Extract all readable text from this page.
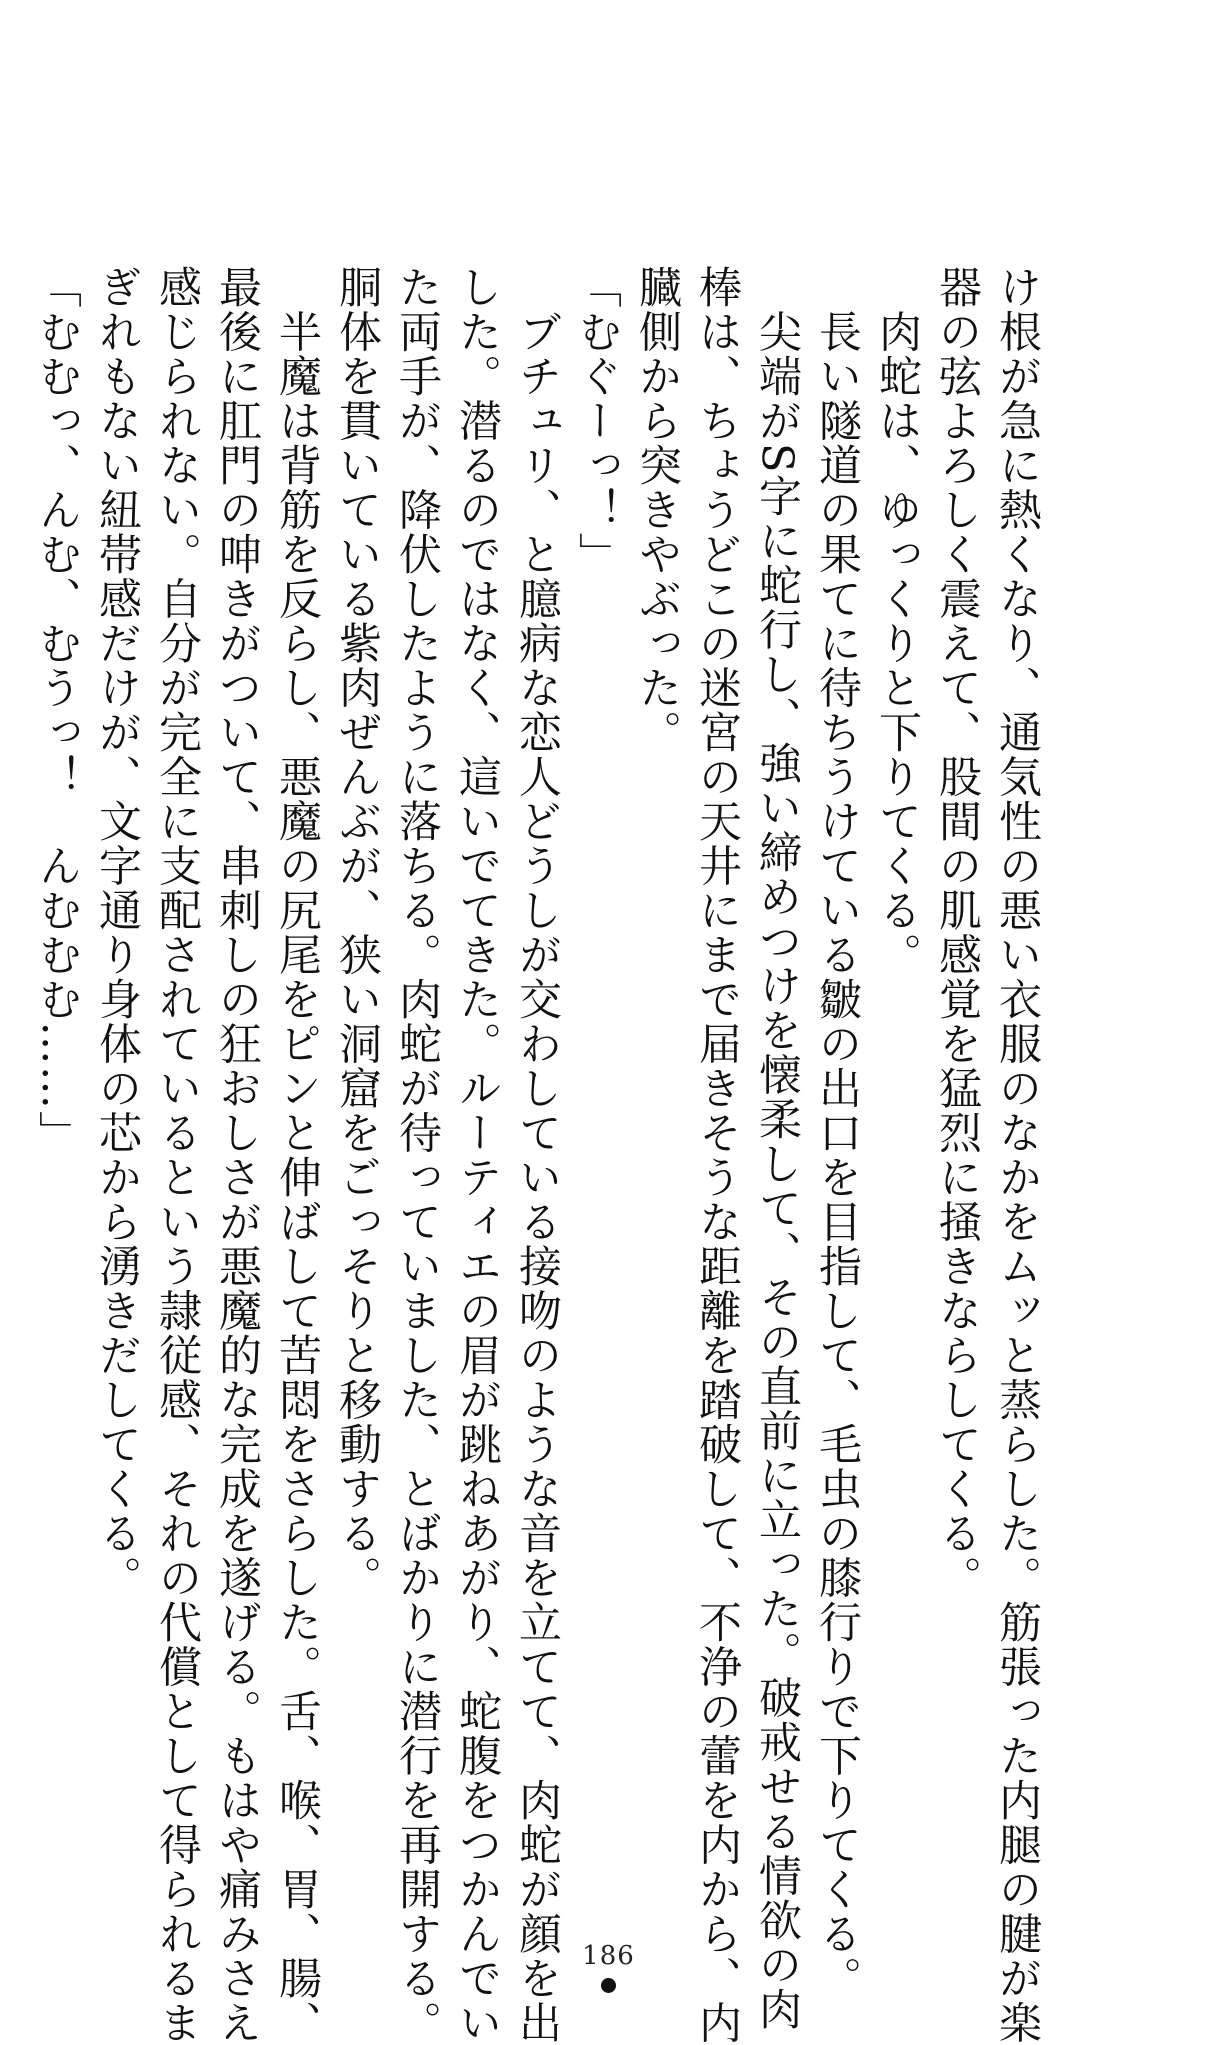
け根が急に熱くなり、通気性の悪い衣服のなかをムッと蒸らした。筋張った内腿の腱が楽

器の弦よろしく震えて、股間の肌感覚を猛烈に掻きならしてくる。

　肉蛇は、ゆっくりと下りてくる。

　長い隧道の果てに待ちうけている皺の出口を目指して、毛虫の膝行りで下りてくる。

　尖端がS字に蛇行し、強い締めつけを懐柔して、その直前に立った。破戒せる情欲の肉

棒は、ちょうどこの迷宮の天井にまで届きそうな距離を踏破して、不浄の蕾を内から、内

臓側から突きやぶった。

「むぐーっ！」

　ブチュリ、と臆病な恋人どうしが交わしている接吻のような音を立てて、肉蛇が顔を出

した。潜るのではなく、這いでてきた。ルーティエの眉が跳ねあがり、蛇腹をつかんでい

た両手が、降伏したように落ちる。肉蛇が待っていました、とばかりに潜行を再開する。

胴体を貫いている紫肉ぜんぶが、狭い洞窟をごっそりと移動する。

　半魔は背筋を反らし、悪魔の尻尾をピンと伸ばして苦悶をさらした。舌、喉、胃、腸、

最後に肛門の呻きがついて、串刺しの狂おしさが悪魔的な完成を遂げる。もはや痛みさえ

感じられない。自分が完全に支配されているという隷従感、それの代償として得られるま

ぎれもない紐帯感だけが、文字通り身体の芯から湧きだしてくる。

「むむっ、んむ、むうっ！　んむむむ……」

186
